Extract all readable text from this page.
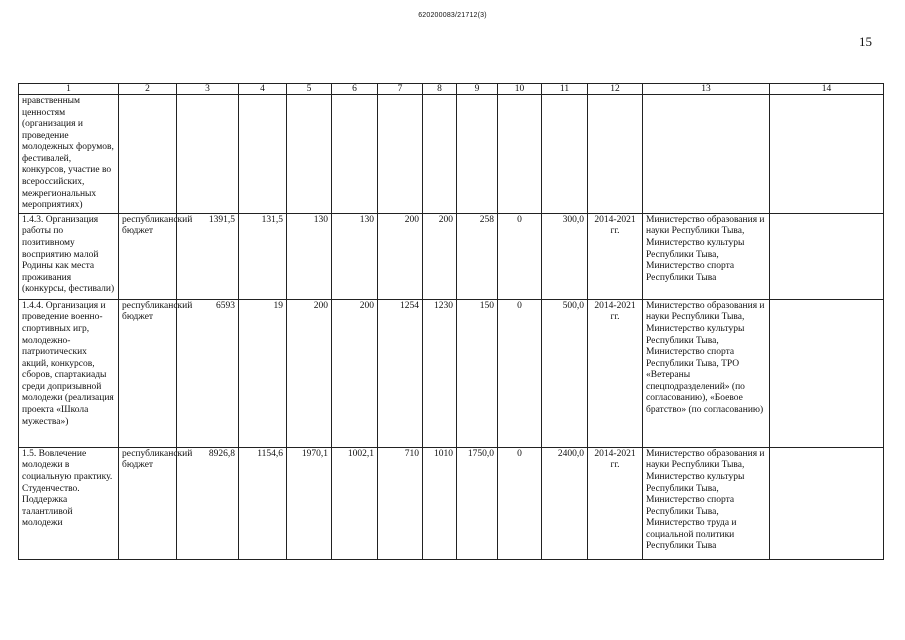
620200083/21712(3)
15
1	2	3	4	5	6	7	8	9	10	11	12	13	14
нравственным ценностям (организация и проведение молодежных форумов, фестивалей, конкурсов, участие во всероссийских, межрегиональных мероприятиях)													
1.4.3. Организация работы по позитивному восприятию малой Родины как места проживания (конкурсы, фестивали)	республиканский бюджет	1391,5	131,5	130	130	200	200	258	0	300,0	2014-2021 гг.	Министерство образования и науки Республики Тыва, Министерство культуры Республики Тыва, Министерство спорта Республики Тыва	
1.4.4. Организация и проведение военно-спортивных игр, молодежно-патриотических акций, конкурсов, сборов, спартакиады среди допризывной молодежи (реализация проекта «Школа мужества»)	республиканский бюджет	6593	19	200	200	1254	1230	150	0	500,0	2014-2021 гг.	Министерство образования и науки Республики Тыва, Министерство культуры Республики Тыва, Министерство спорта Республики Тыва, ТРО «Ветераны спецподразделений» (по согласованию), «Боевое братство» (по согласованию)	
1.5. Вовлечение молодежи в социальную практику. Студенчество. Поддержка талантливой молодежи	республиканский бюджет	8926,8	1154,6	1970,1	1002,1	710	1010	1750,0	0	2400,0	2014-2021 гг.	Министерство образования и науки Республики Тыва, Министерство культуры Республики Тыва, Министерство спорта Республики Тыва, Министерство труда и социальной политики Республики Тыва	
